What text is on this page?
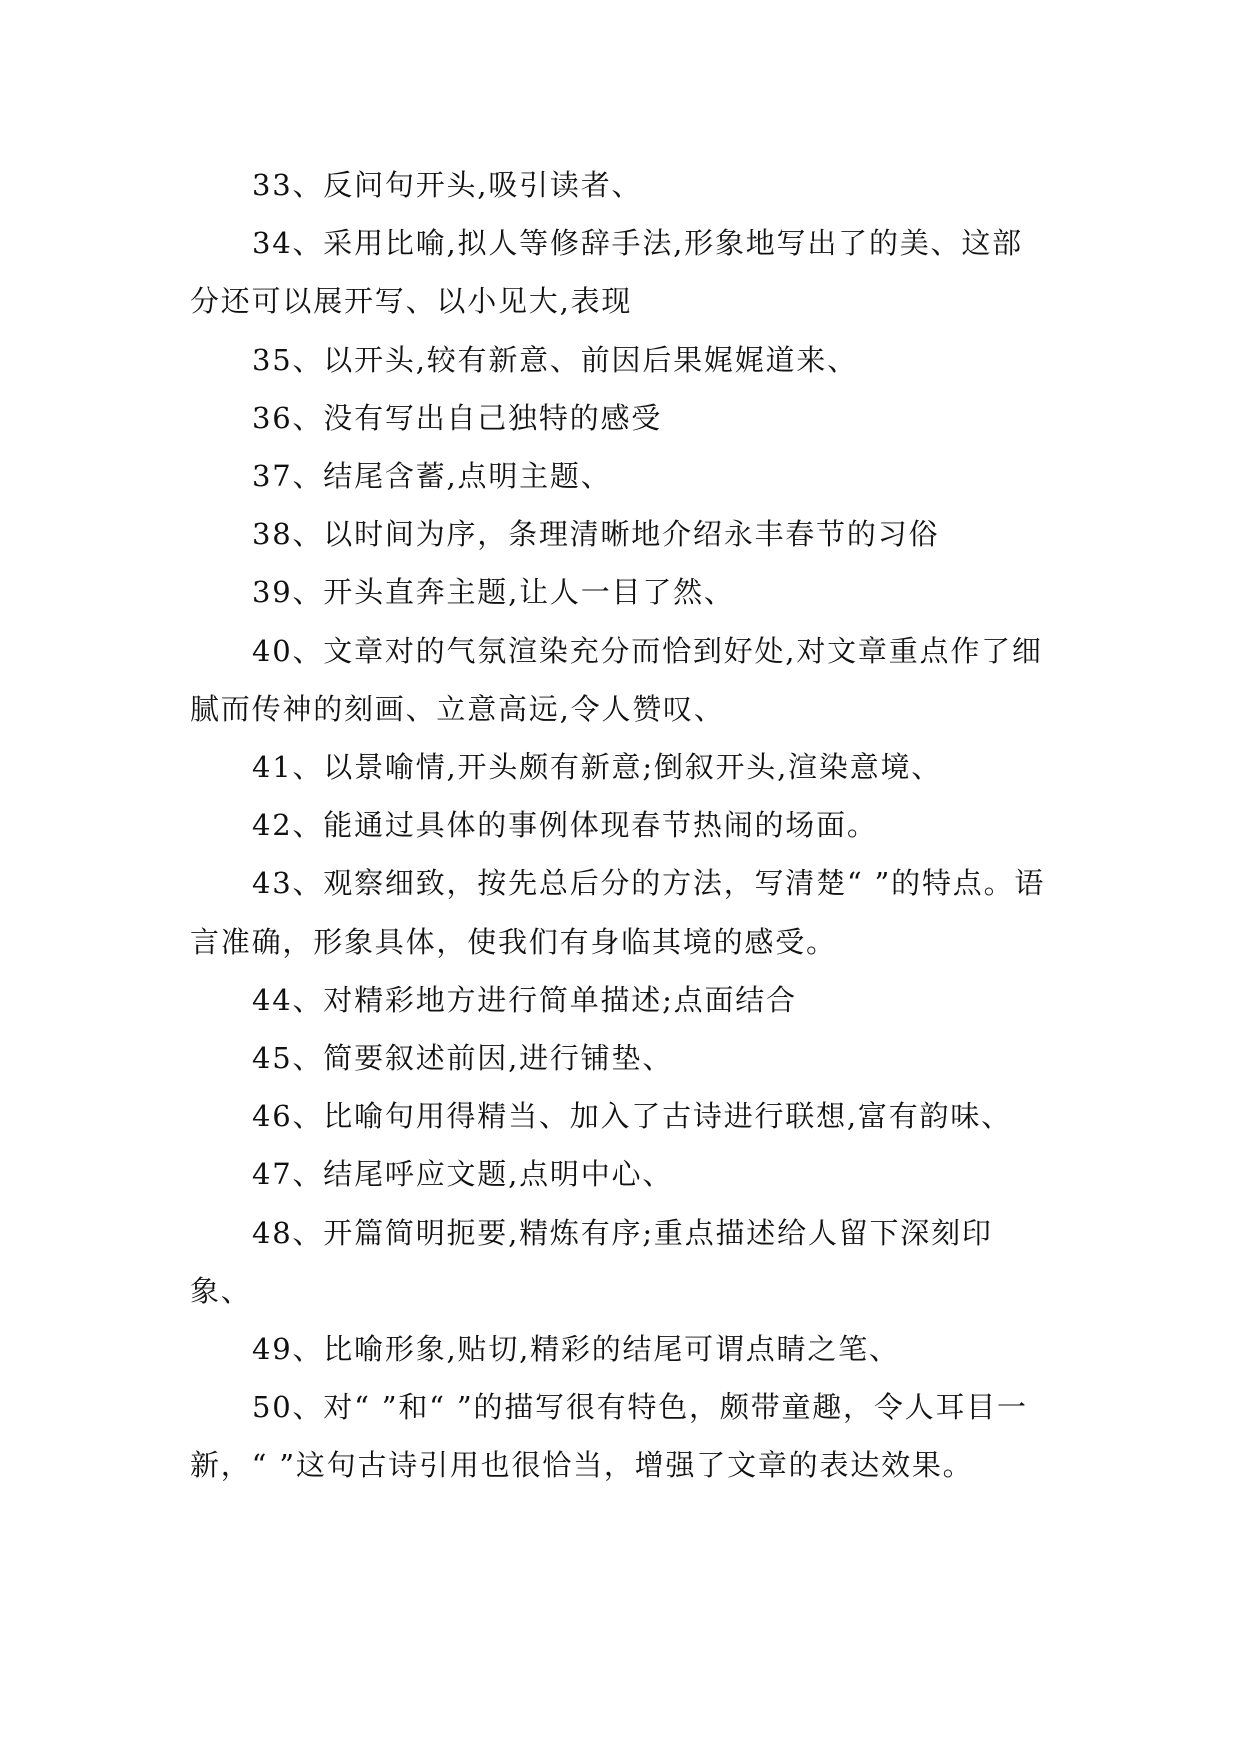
33、反问句开头,吸引读者、

34、采用比喻,拟人等修辞手法,形象地写出了的美、这部分还可以展开写、以小见大,表现

35、以开头,较有新意、前因后果娓娓道来、

36、没有写出自己独特的感受

37、结尾含蓄,点明主题、

38、以时间为序，条理清晰地介绍永丰春节的习俗

39、开头直奔主题,让人一目了然、

40、文章对的气氛渲染充分而恰到好处,对文章重点作了细腻而传神的刻画、立意高远,令人赞叹、

41、以景喻情,开头颇有新意;倒叙开头,渲染意境、

42、能通过具体的事例体现春节热闹的场面。

43、观察细致，按先总后分的方法，写清楚“ ”的特点。语言准确，形象具体，使我们有身临其境的感受。

44、对精彩地方进行简单描述;点面结合

45、简要叙述前因,进行铺垫、

46、比喻句用得精当、加入了古诗进行联想,富有韵味、

47、结尾呼应文题,点明中心、

48、开篇简明扼要,精炼有序;重点描述给人留下深刻印象、

49、比喻形象,贴切,精彩的结尾可谓点睛之笔、

50、对“ ”和“ ”的描写很有特色，颇带童趣，令人耳目一新，“ ”这句古诗引用也很恰当，增强了文章的表达效果。
